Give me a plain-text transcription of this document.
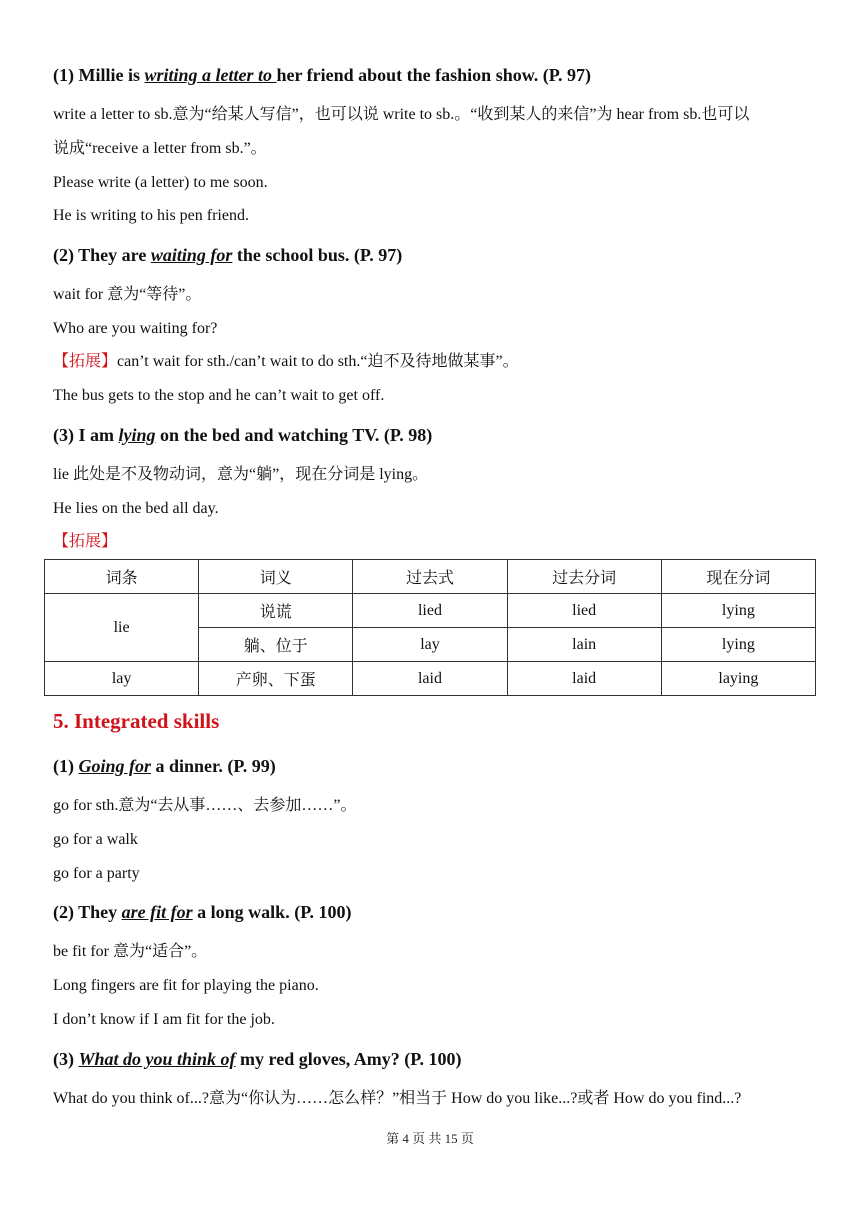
(1) Millie is writing a letter to her friend about the fashion show. (P. 97)
write a letter to sb.意为“给某人写信”，也可以说 write to sb.。“收到某人的来信”为 hear from sb.也可以
说成“receive a letter from sb.”。
Please write (a letter) to me soon.
He is writing to his pen friend.
(2) They are waiting for the school bus. (P. 97)
wait for 意为“等待”。
Who are you waiting for?
【拓展】can’t wait for sth./can’t wait to do sth.“迫不及待地做某事”。
The bus gets to the stop and he can’t wait to get off.
(3) I am lying on the bed and watching TV. (P. 98)
lie 此处是不及物动词，意为“躺”，现在分词是 lying。
He lies on the bed all day.
【拓展】
词条	词义	过去式	过去分词	现在分词
lie	说谎	lied	lied	lying
	躺、位于	lay	lain	lying
lay	产卵、下蛋	laid	laid	laying
5. Integrated skills
(1) Going for a dinner. (P. 99)
go for sth.意为“去从事……、去参加……”。
go for a walk
go for a party
(2) They are fit for a long walk. (P. 100)
be fit for 意为“适合”。
Long fingers are fit for playing the piano.
I don’t know if I am fit for the job.
(3) What do you think of my red gloves, Amy? (P. 100)
What do you think of...?意为“你认为……怎么样？”相当于 How do you like...?或者 How do you find...?
第 4 页 共 15 页
